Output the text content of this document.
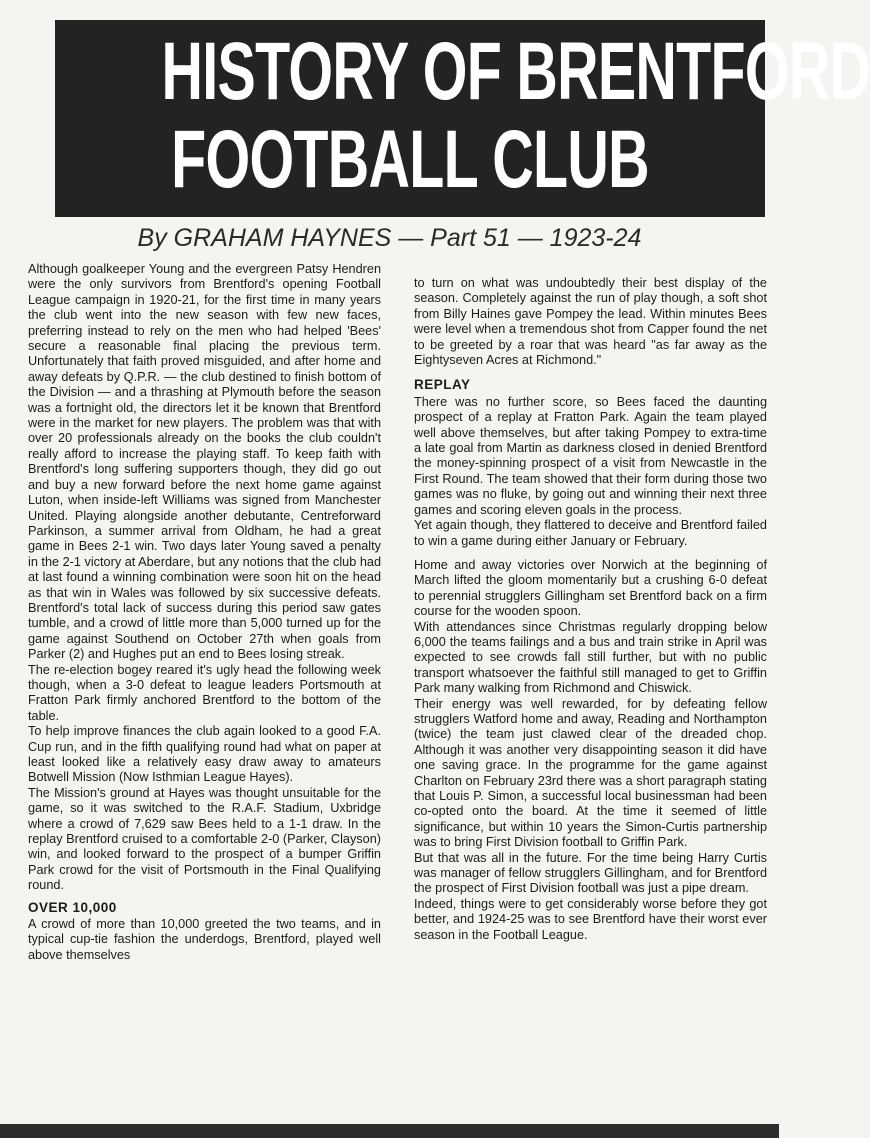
HISTORY OF BRENTFORD
FOOTBALL CLUB
By GRAHAM HAYNES — Part 51 — 1923-24

Although goalkeeper Young and the evergreen Patsy Hendren were the only survivors from Brentford's opening Football League campaign in 1920-21, for the first time in many years the club went into the new season with few new faces, preferring instead to rely on the men who had helped 'Bees' secure a reasonable final placing the previous term. Unfortunately that faith proved misguided, and after home and away defeats by Q.P.R. — the club destined to finish bottom of the Division — and a thrashing at Plymouth before the season was a fortnight old, the directors let it be known that Brentford were in the market for new players. The problem was that with over 20 professionals already on the books the club couldn't really afford to increase the playing staff. To keep faith with Brentford's long suffering supporters though, they did go out and buy a new forward before the next home game against Luton, when inside-left Williams was signed from Manchester United. Playing alongside another debutante, Centreforward Parkinson, a summer arrival from Oldham, he had a great game in Bees 2-1 win. Two days later Young saved a penalty in the 2-1 victory at Aberdare, but any notions that the club had at last found a winning combination were soon hit on the head as that win in Wales was followed by six successive defeats. Brentford's total lack of success during this period saw gates tumble, and a crowd of little more than 5,000 turned up for the game against Southend on October 27th when goals from Parker (2) and Hughes put an end to Bees losing streak.

The re-election bogey reared it's ugly head the following week though, when a 3-0 defeat to league leaders Portsmouth at Fratton Park firmly anchored Brentford to the bottom of the table.

To help improve finances the club again looked to a good F.A. Cup run, and in the fifth qualifying round had what on paper at least looked like a relatively easy draw away to amateurs Botwell Mission (Now Isthmian League Hayes).

The Mission's ground at Hayes was thought unsuitable for the game, so it was switched to the R.A.F. Stadium, Uxbridge where a crowd of 7,629 saw Bees held to a 1-1 draw. In the replay Brentford cruised to a comfortable 2-0 (Parker, Clayson) win, and looked forward to the prospect of a bumper Griffin Park crowd for the visit of Portsmouth in the Final Qualifying round.

OVER 10,000

A crowd of more than 10,000 greeted the two teams, and in typical cup-tie fashion the underdogs, Brentford, played well above themselves

to turn on what was undoubtedly their best display of the season. Completely against the run of play though, a soft shot from Billy Haines gave Pompey the lead. Within minutes Bees were level when a tremendous shot from Capper found the net to be greeted by a roar that was heard "as far away as the Eightyseven Acres at Richmond."

REPLAY

There was no further score, so Bees faced the daunting prospect of a replay at Fratton Park. Again the team played well above themselves, but after taking Pompey to extra-time a late goal from Martin as darkness closed in denied Brentford the money-spinning prospect of a visit from Newcastle in the First Round. The team showed that their form during those two games was no fluke, by going out and winning their next three games and scoring eleven goals in the process.

Yet again though, they flattered to deceive and Brentford failed to win a game during either January or February.

Home and away victories over Norwich at the beginning of March lifted the gloom momentarily but a crushing 6-0 defeat to perennial strugglers Gillingham set Brentford back on a firm course for the wooden spoon.

With attendances since Christmas regularly dropping below 6,000 the teams failings and a bus and train strike in April was expected to see crowds fall still further, but with no public transport whatsoever the faithful still managed to get to Griffin Park many walking from Richmond and Chiswick.

Their energy was well rewarded, for by defeating fellow strugglers Watford home and away, Reading and Northampton (twice) the team just clawed clear of the dreaded chop. Although it was another very disappointing season it did have one saving grace. In the programme for the game against Charlton on February 23rd there was a short paragraph stating that Louis P. Simon, a successful local businessman had been co-opted onto the board. At the time it seemed of little significance, but within 10 years the Simon-Curtis partnership was to bring First Division football to Griffin Park.

But that was all in the future. For the time being Harry Curtis was manager of fellow strugglers Gillingham, and for Brentford the prospect of First Division football was just a pipe dream.

Indeed, things were to get considerably worse before they got better, and 1924-25 was to see Brentford have their worst ever season in the Football League.
